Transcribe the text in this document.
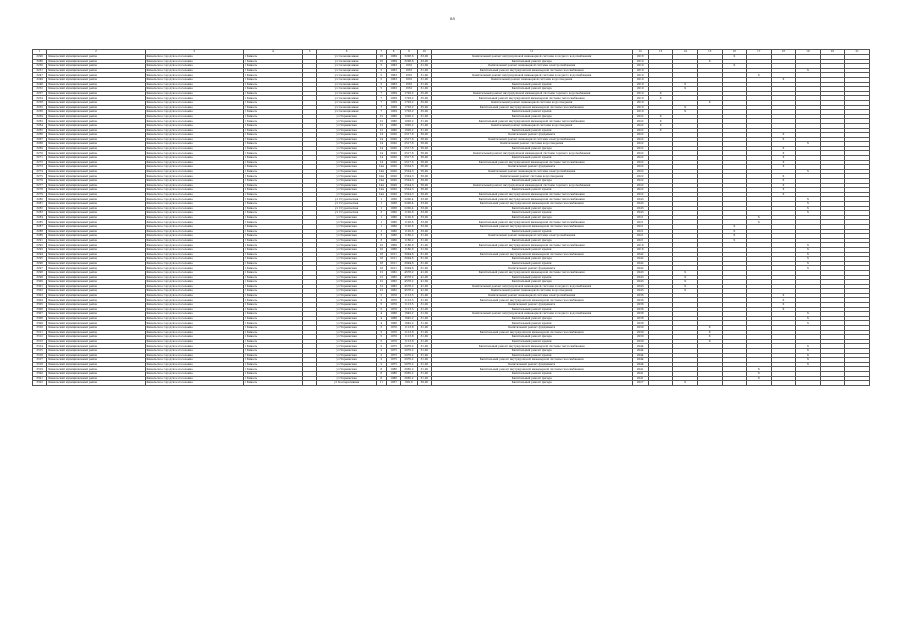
85
1	2	3	4	5	6	7	8	9	10	11	12	13	14	15	16	17	18	19	20	21
3290	Кинельский муниципальный район	Кинельское городское поселение	г Кинель		ул Селекционная	16	1969	3208,6	33,00	Капитальный ремонт внутридомовой инженерной системы холодного водоснабжения	2018				X					
3286	Кинельский муниципальный район	Кинельское городское поселение	г Кинель		ул Селекционная	16	1969	3208,6	33,00	Капитальный ремонт фасада	2019			X						
3250	Кинельский муниципальный район	Кинельское городское поселение	г Кинель		ул Селекционная	5	1963	1661	31,00	Капитальный ремонт инженерной системы электроснабжения	2019				X					
3251	Кинельский муниципальный район	Кинельское городское поселение	г Кинель		ул Селекционная	5	1963	1661	31,00	Капитальный ремонт внутридомовой инженерной системы газоснабжения	2019							X		
3247	Кинельский муниципальный район	Кинельское городское поселение	г Кинель		ул Селекционная	5	1963	1661	31,00	Капитальный ремонт внутридомовой инженерной системы холодного водоснабжения	2019					X				
3249	Кинельский муниципальный район	Кинельское городское поселение	г Кинель		ул Селекционная	5	1963	1661	31,00	Капитальный ремонт инженерной системы водоотведения	2019						X			
3248	Кинельский муниципальный район	Кинельское городское поселение	г Кинель		ул Селекционная	5	1963	1661	31,00	Капитальный ремонт крыши	2019		X							
3252	Кинельский муниципальный район	Кинельское городское поселение	г Кинель		ул Селекционная	5	1963	1661	31,00	Капитальный ремонт фасада	2019		X							
3257	Кинельский муниципальный район	Кинельское городское поселение	г Кинель		ул Селекционная	7	1959	1703,2	35,00	Капитальный ремонт внутридомовой инженерной системы горячего водоснабжения	2019	X								
3254	Кинельский муниципальный район	Кинельское городское поселение	г Кинель		ул Селекционная	7	1959	1703,2	35,00	Капитальный ремонт внутридомовой инженерной системы теплоснабжения	2019	X								
3258	Кинельский муниципальный район	Кинельское городское поселение	г Кинель		ул Селекционная	7	1959	1703,2	35,00	Капитальный ремонт инженерной системы водоотведения	2019			X						
3255	Кинельский муниципальный район	Кинельское городское поселение	г Кинель		ул Селекционная	7	1959	1703,2	35,00	Капитальный ремонт внутридомовой инженерной системы газоснабжения	2019		X							
3256	Кинельский муниципальный район	Кинельское городское поселение	г Кинель		ул Селекционная	7	1959	1703,2	35,00	Капитальный ремонт крыши	2019		X							
3259	Кинельский муниципальный район	Кинельское городское поселение	г Кинель		ул Украинская	12	1960	1026,2	31,00	Капитальный ремонт фасада	2022	X								
3262	Кинельский муниципальный район	Кинельское городское поселение	г Кинель		ул Украинская	12	1960	1026,2	31,00	Капитальный ремонт внутридомовой инженерной системы теплоснабжения	2022	X								
3264	Кинельский муниципальный район	Кинельское городское поселение	г Кинель		ул Украинская	12	1960	1026,2	31,00	Капитальный ремонт инженерной системы водоотведения	2022	X								
3265	Кинельский муниципальный район	Кинельское городское поселение	г Кинель		ул Украинская	12	1960	1026,2	31,00	Капитальный ремонт крыши	2022	X								
3266	Кинельский муниципальный район	Кинельское городское поселение	г Кинель		ул Украинская	14	2020	2517,6	56,00	Капитальный ремонт фундамента	2022						X			
3267	Кинельский муниципальный район	Кинельское городское поселение	г Кинель		ул Украинская	14	2020	2517,6	56,00	Капитальный ремонт инженерной системы электроснабжения	2022						X			
3268	Кинельский муниципальный район	Кинельское городское поселение	г Кинель		ул Украинская	14	2020	2517,6	56,00	Капитальный ремонт системы водоотведения	2022							X		
3269	Кинельский муниципальный район	Кинельское городское поселение	г Кинель		ул Украинская	14	2020	2517,6	56,00	Капитальный ремонт фасада	2022						X			
3270	Кинельский муниципальный район	Кинельское городское поселение	г Кинель		ул Украинская	14	2020	2517,6	56,00	Капитальный ремонт внутридомовой инженерной системы горячего водоснабжения	2022						X			
3271	Кинельский муниципальный район	Кинельское городское поселение	г Кинель		ул Украинская	14	2020	2517,6	56,00	Капитальный ремонт крыши	2022						X			
3272	Кинельский муниципальный район	Кинельское городское поселение	г Кинель		ул Украинская	14	2020	2517,6	56,00	Капитальный ремонт внутридомовой инженерной системы теплоснабжения	2022						X			
3273	Кинельский муниципальный район	Кинельское городское поселение	г Кинель		ул Украинская	14А	2020	2524,3	56,00	Капитальный ремонт фундамента	2022						X			
3274	Кинельский муниципальный район	Кинельское городское поселение	г Кинель		ул Украинская	14А	2020	2524,3	56,00	Капитальный ремонт инженерной системы электроснабжения	2022							X		
3275	Кинельский муниципальный район	Кинельское городское поселение	г Кинель		ул Украинская	14А	2020	2524,3	56,00	Капитальный ремонт системы водоотведения	2022						X			
3276	Кинельский муниципальный район	Кинельское городское поселение	г Кинель		ул Украинская	14А	2020	2524,3	56,00	Капитальный ремонт фасада	2022						X			
3277	Кинельский муниципальный район	Кинельское городское поселение	г Кинель		ул Украинская	14А	2020	2524,3	56,00	Капитальный ремонт внутридомовой инженерной системы горячего водоснабжения	2022						X			
3278	Кинельский муниципальный район	Кинельское городское поселение	г Кинель		ул Украинская	14А	2020	2524,3	56,00	Капитальный ремонт крыши	2022						X			
3279	Кинельский муниципальный район	Кинельское городское поселение	г Кинель		ул Украинская	14А	2020	2524,3	56,00	Капитальный ремонт внутридомовой инженерной системы теплоснабжения	2022						X			
3280	Кинельский муниципальный район	Кинельское городское поселение	г Кинель		ул Студенческая	1	1958	2200,4	33,00	Капитальный ремонт внутридомовой инженерной системы теплоснабжения	2043							X		
3281	Кинельский муниципальный район	Кинельское городское поселение	г Кинель		ул Студенческая	1	1958	2200,4	33,00	Капитальный ремонт внутридомовой инженерной системы газоснабжения	2043							X		
3282	Кинельский муниципальный район	Кинельское городское поселение	г Кинель		ул Студенческая	1	1958	2200,4	33,00	Капитальный ремонт фасада	2043							X		
3283	Кинельский муниципальный район	Кинельское городское поселение	г Кинель		ул Студенческая	3	1960	1120,6	33,00	Капитальный ремонт крыши	2043							X		
3284	Кинельский муниципальный район	Кинельское городское поселение	г Кинель		ул Украинская	1	1960	1120,6	33,00	Капитальный ремонт фасада	2021					X				
3285	Кинельский муниципальный район	Кинельское городское поселение	г Кинель		ул Украинская	1	1960	1120,6	33,00	Капитальный ремонт внутридомовой инженерной системы теплоснабжения	2021					X				
3287	Кинельский муниципальный район	Кинельское городское поселение	г Кинель		ул Украинская	1	1960	1120,6	33,00	Капитальный ремонт внутридомовой инженерной системы газоснабжения	2021				X					
3288	Кинельский муниципальный район	Кинельское городское поселение	г Кинель		ул Украинская	1	1960	1120,6	33,00	Капитальный ремонт крыши	2021				X					
3289	Кинельский муниципальный район	Кинельское городское поселение	г Кинель		ул Украинская	3	1960	1160,2	31,00	Капитальный ремонт инженерной системы электроснабжения	2021				X					
3291	Кинельский муниципальный район	Кинельское городское поселение	г Кинель		ул Украинская	3	1960	1160,2	31,00	Капитальный ремонт фасада	2021				X					
3292	Кинельский муниципальный район	Кинельское городское поселение	г Кинель		ул Украинская	10	1960	1180,8	31,00	Капитальный ремонт внутридомовой инженерной системы теплоснабжения	2018							X		
3293	Кинельский муниципальный район	Кинельское городское поселение	г Кинель		ул Украинская	10	1960	1180,8	31,00	Капитальный ремонт крыши	2018							X		
3294	Кинельский муниципальный район	Кинельское городское поселение	г Кинель		ул Украинская	18	2011	3094,6	61,00	Капитальный ремонт внутридомовой инженерной системы газоснабжения	2042							X		
3295	Кинельский муниципальный район	Кинельское городское поселение	г Кинель		ул Украинская	18	2011	3094,6	61,00	Капитальный ремонт фасада	2042							X		
3296	Кинельский муниципальный район	Кинельское городское поселение	г Кинель		ул Украинская	18	2011	3094,6	61,00	Капитальный ремонт крыши	2042							X		
3297	Кинельский муниципальный район	Кинельское городское поселение	г Кинель		ул Украинская	18	2011	3094,6	61,00	Капитальный ремонт фундамента	2042							X		
3298	Кинельский муниципальный район	Кинельское городское поселение	г Кинель		ул Украинская	12	1962	4578,2	41,00	Капитальный ремонт внутридомовой инженерной системы теплоснабжения	2043		X							
3299	Кинельский муниципальный район	Кинельское городское поселение	г Кинель		ул Украинская	12	1962	4578,2	41,00	Капитальный ремонт крыши	2043		X							
3300	Кинельский муниципальный район	Кинельское городское поселение	г Кинель		ул Украинская	12	1962	4578,2	41,00	Капитальный ремонт фасада	2043		X							
3301	Кинельский муниципальный район	Кинельское городское поселение	г Кинель		ул Украинская	12	1962	4578,2	41,00	Капитальный ремонт внутридомовой инженерной системы холодного водоснабжения	2043		X							
3302	Кинельский муниципальный район	Кинельское городское поселение	г Кинель		ул Украинская	12	1962	4578,2	41,00	Капитальный ремонт инженерной системы водоотведения	2043		X							
3303	Кинельский муниципальный район	Кинельское городское поселение	г Кинель		ул Украинская	5	1970	1113,5	31,00	Капитальный ремонт инженерной системы электроснабжения	2036						X			
3304	Кинельский муниципальный район	Кинельское городское поселение	г Кинель		ул Украинская	5	1970	1113,5	31,00	Капитальный ремонт внутридомовой инженерной системы газоснабжения	2036						X			
3305	Кинельский муниципальный район	Кинельское городское поселение	г Кинель		ул Украинская	5	1970	1113,5	31,00	Капитальный ремонт фундамента	2036						X			
3306	Кинельский муниципальный район	Кинельское городское поселение	г Кинель		ул Украинская	5	1970	1113,5	31,00	Капитальный ремонт крыши	2036						X			
3307	Кинельский муниципальный район	Кинельское городское поселение	г Кинель		ул Украинская	4	1968	1645,2	31,00	Капитальный ремонт внутридомовой инженерной системы холодного водоснабжения	2038							X		
3308	Кинельский муниципальный район	Кинельское городское поселение	г Кинель		ул Украинская	4	1968	1645,2	31,00	Капитальный ремонт фасада	2038							X		
3309	Кинельский муниципальный район	Кинельское городское поселение	г Кинель		ул Украинская	4	1968	1645,2	31,00	Капитальный ремонт крыши	2038							X		
3310	Кинельский муниципальный район	Кинельское городское поселение	г Кинель		ул Украинская	5	1970	1113,8	31,00	Капитальный ремонт фундамента	2030			X						
3311	Кинельский муниципальный район	Кинельское городское поселение	г Кинель		ул Украинская	5	1970	1113,8	31,00	Капитальный ремонт внутридомовой инженерной системы газоснабжения	2030			X						
3312	Кинельский муниципальный район	Кинельское городское поселение	г Кинель		ул Украинская	5	1970	1113,8	31,00	Капитальный ремонт фасада	2030			X						
3313	Кинельский муниципальный район	Кинельское городское поселение	г Кинель		ул Украинская	5	1970	1113,8	31,00	Капитальный ремонт крыши	2030			X						
3314	Кинельский муниципальный район	Кинельское городское поселение	г Кинель		ул Украинская	2	1975	2076,2	31,00	Капитальный ремонт внутридомовой инженерной системы теплоснабжения	2044							X		
3315	Кинельский муниципальный район	Кинельское городское поселение	г Кинель		ул Украинская	2	1975	2076,2	31,00	Капитальный ремонт фасада	2044							X		
3316	Кинельский муниципальный район	Кинельское городское поселение	г Кинель		ул Украинская	2	1975	2076,2	31,00	Капитальный ремонт крыши	2044							X		
3317	Кинельский муниципальный район	Кинельское городское поселение	г Кинель		ул Украинская	2	1975	2076,2	31,00	Капитальный ремонт внутридомовой инженерной системы газоснабжения	2044							X		
3318	Кинельский муниципальный район	Кинельское городское поселение	г Кинель		ул Украинская	2	1975	2076,2	31,00	Капитальный ремонт фундамента	2044							X		
3319	Кинельский муниципальный район	Кинельское городское поселение	г Кинель		ул Украинская	6	1986	3065,2	31,00	Капитальный ремонт внутридомовой инженерной системы газоснабжения	2041					X				
3320	Кинельский муниципальный район	Кинельское городское поселение	г Кинель		ул Украинская	6	1986	3065,2	31,00	Капитальный ремонт крыши	2041					X				
3321	Кинельский муниципальный район	Кинельское городское поселение	г Кинель		ул Украинская	6	1986	3065,2	31,00	Капитальный ремонт фасада	2041					X				
3322	Кинельский муниципальный район	Кинельское городское поселение	г Кинель		ул Кооперативная	11	1957	820,6	36,00	Капитальный ремонт фасада	2027		X							
